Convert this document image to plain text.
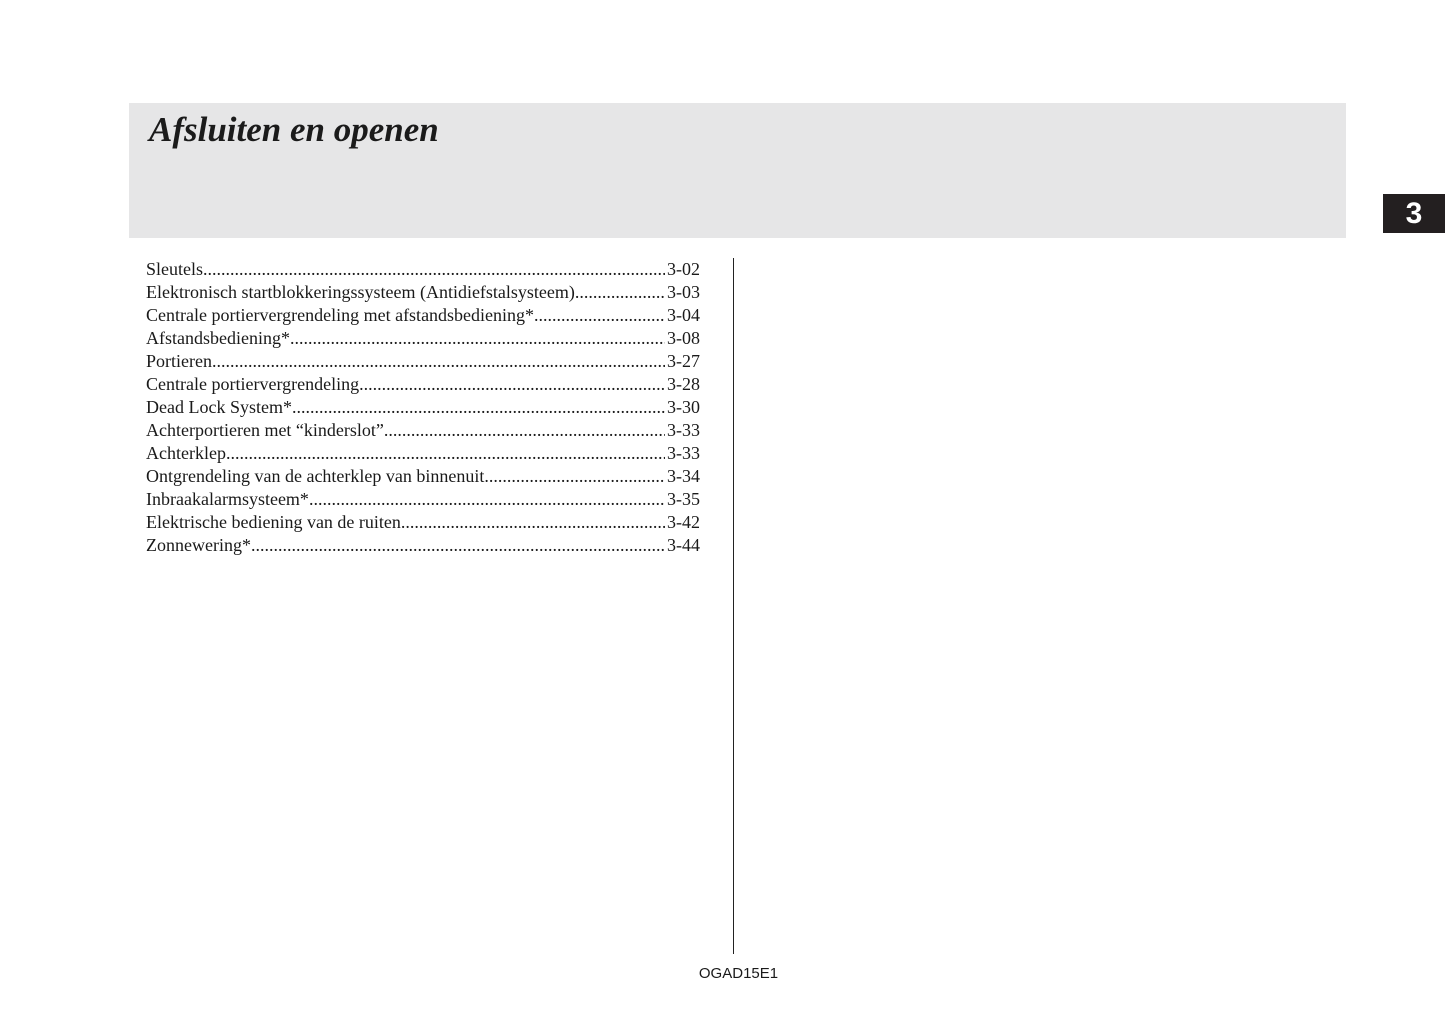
Afsluiten en openen
3
Sleutels .....	3-02
Elektronisch startblokkeringssysteem (Antidiefstalsysteem) .....	3-03
Centrale portiervergrendeling met afstandsbediening* .....	3-04
Afstandsbediening* .....	3-08
Portieren .....	3-27
Centrale portiervergrendeling .....	3-28
Dead Lock System* .....	3-30
Achterportieren met “kinderslot” .....	3-33
Achterklep .....	3-33
Ontgrendeling van de achterklep van binnenuit .....	3-34
Inbraakalarmsysteem* .....	3-35
Elektrische bediening van de ruiten .....	3-42
Zonnewering* .....	3-44
OGAD15E1
